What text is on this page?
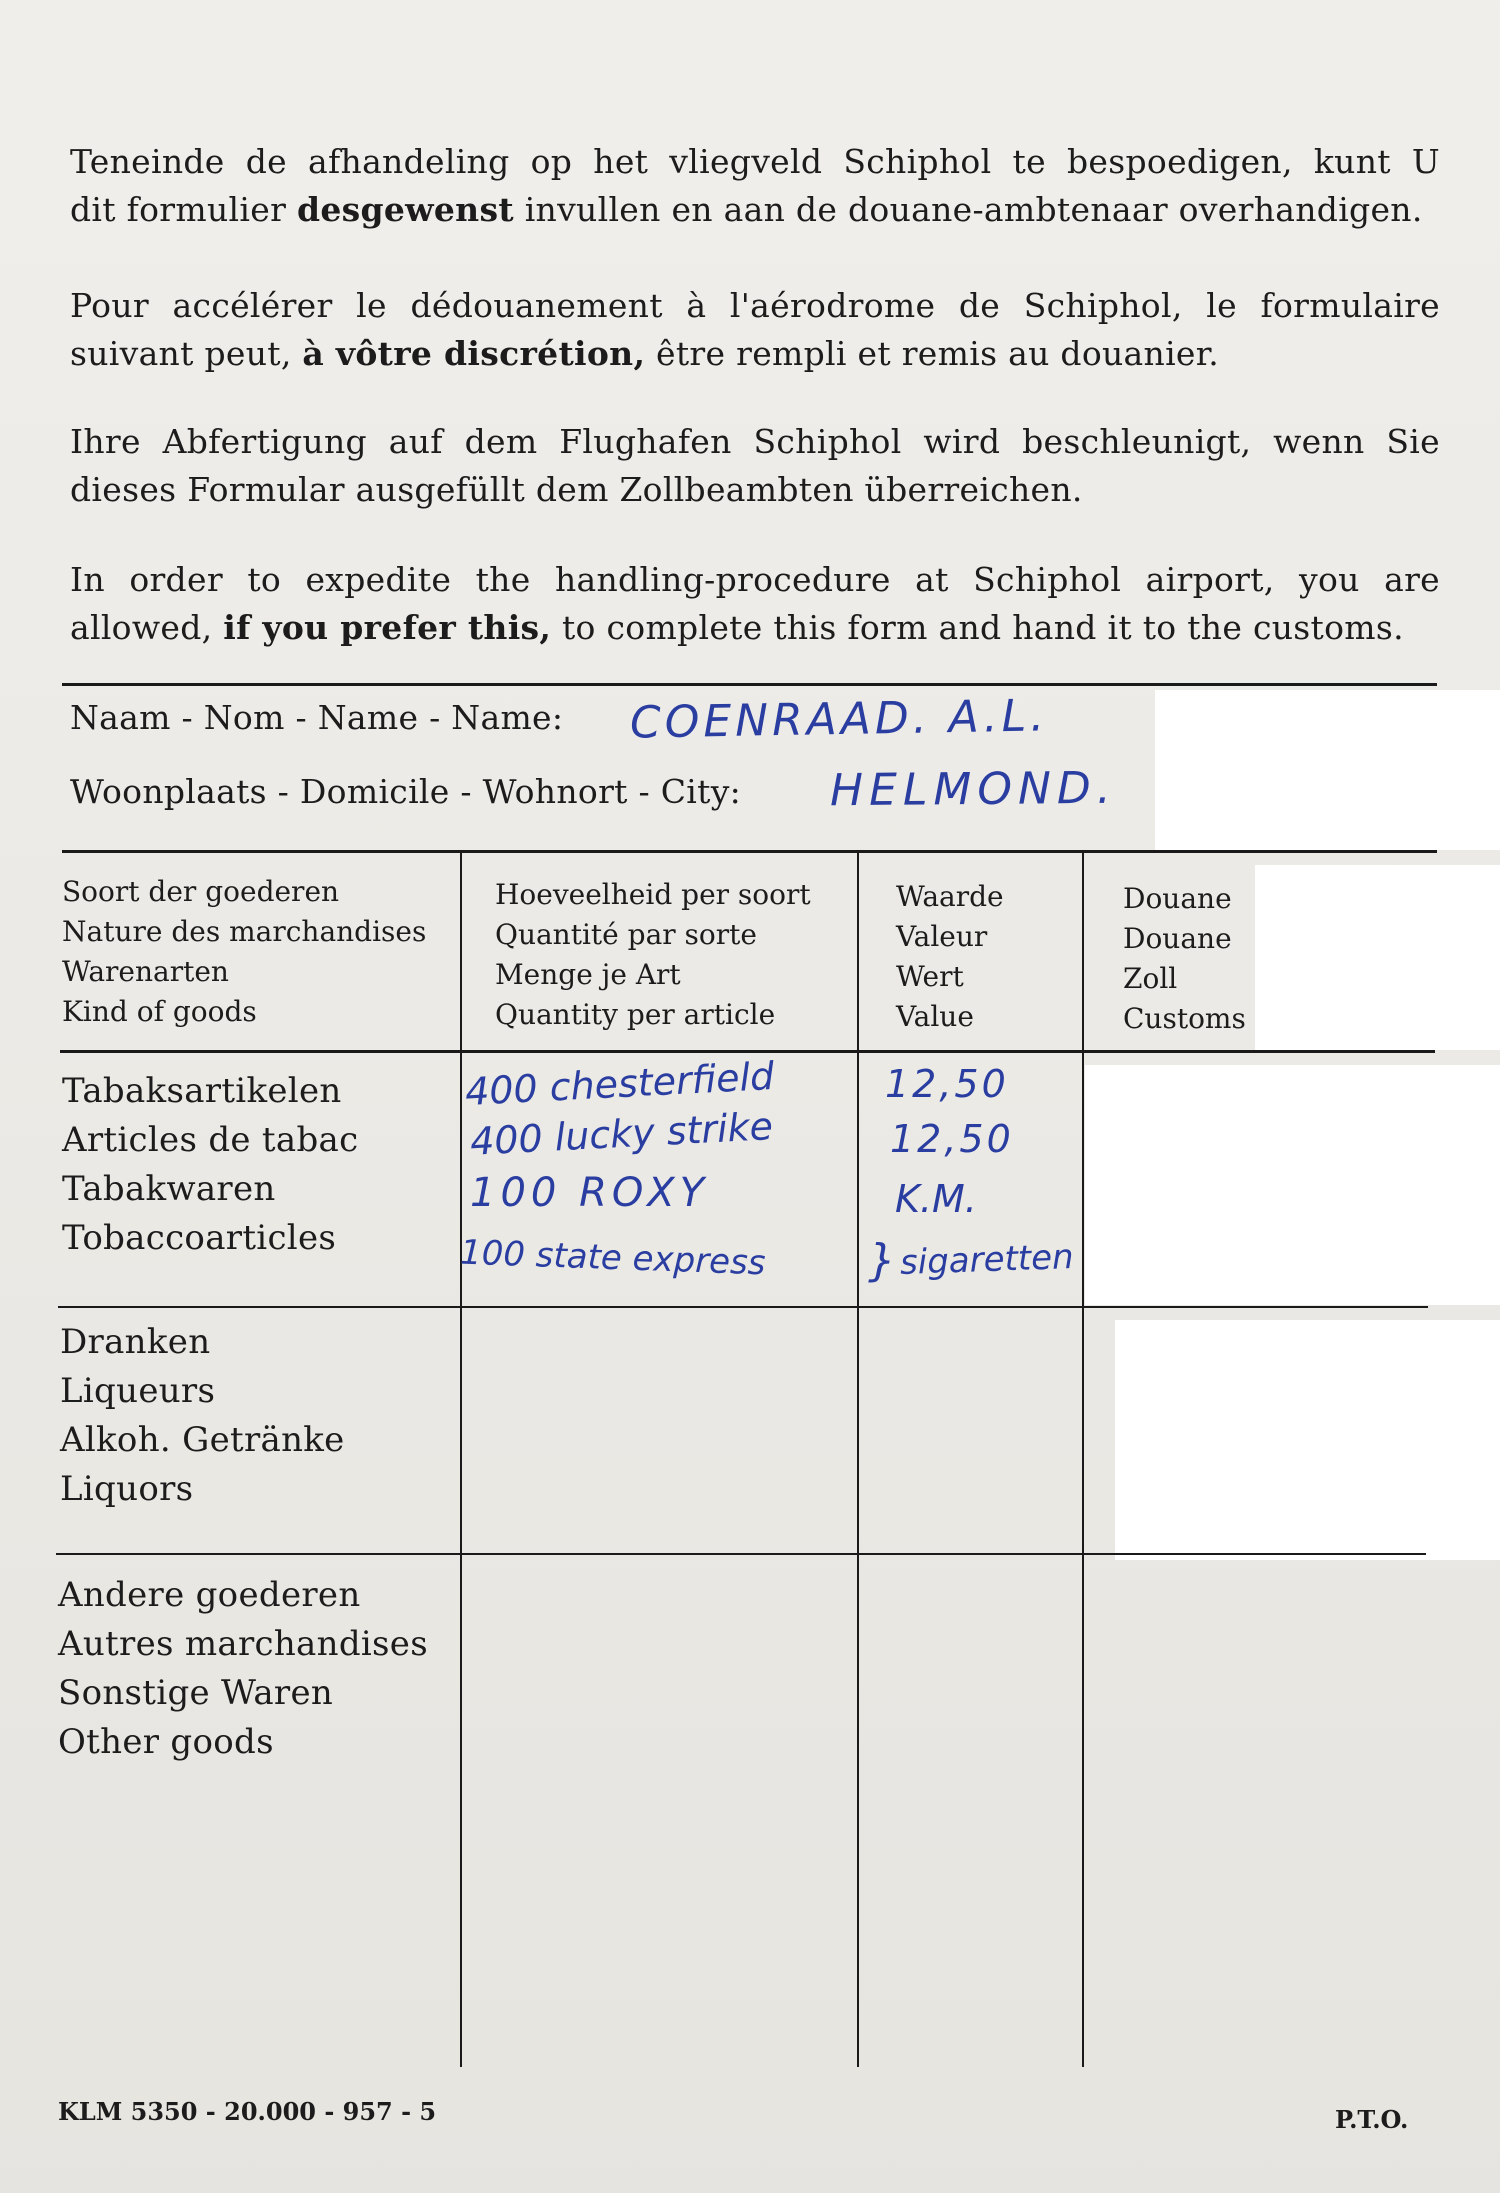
Teneinde de afhandeling op het vliegveld Schiphol te bespoedigen, kunt U
dit formulier desgewenst invullen en aan de douane-ambtenaar overhandigen.
Pour accélérer le dédouanement à l'aérodrome de Schiphol, le formulaire
suivant peut, à vôtre discrétion, être rempli et remis au douanier.
Ihre Abfertigung auf dem Flughafen Schiphol wird beschleunigt, wenn Sie
dieses Formular ausgefüllt dem Zollbeambten überreichen.
In order to expedite the handling-procedure at Schiphol airport, you are
allowed, if you prefer this, to complete this form and hand it to the customs.
Naam - Nom - Name - Name: COENRAAD. A.L.
Woonplaats - Domicile - Wohnort - City: HELMOND.
Soort der goederen
Nature des marchandises
Warenarten
Kind of goods
Hoeveelheid per soort
Quantité par sorte
Menge je Art
Quantity per article
Waarde
Valeur
Wert
Value
Douane
Douane
Zoll
Customs
Tabaksartikelen
Articles de tabac
Tabakwaren
Tobaccoarticles
400 chesterfield
400 lucky strike
100 ROXY
100 state express
12,50
12,50
K.M.
sigaretten
}
Dranken
Liqueurs
Alkoh. Getränke
Liquors
Andere goederen
Autres marchandises
Sonstige Waren
Other goods
KLM 5350 - 20.000 - 957 - 5	P.T.O.
